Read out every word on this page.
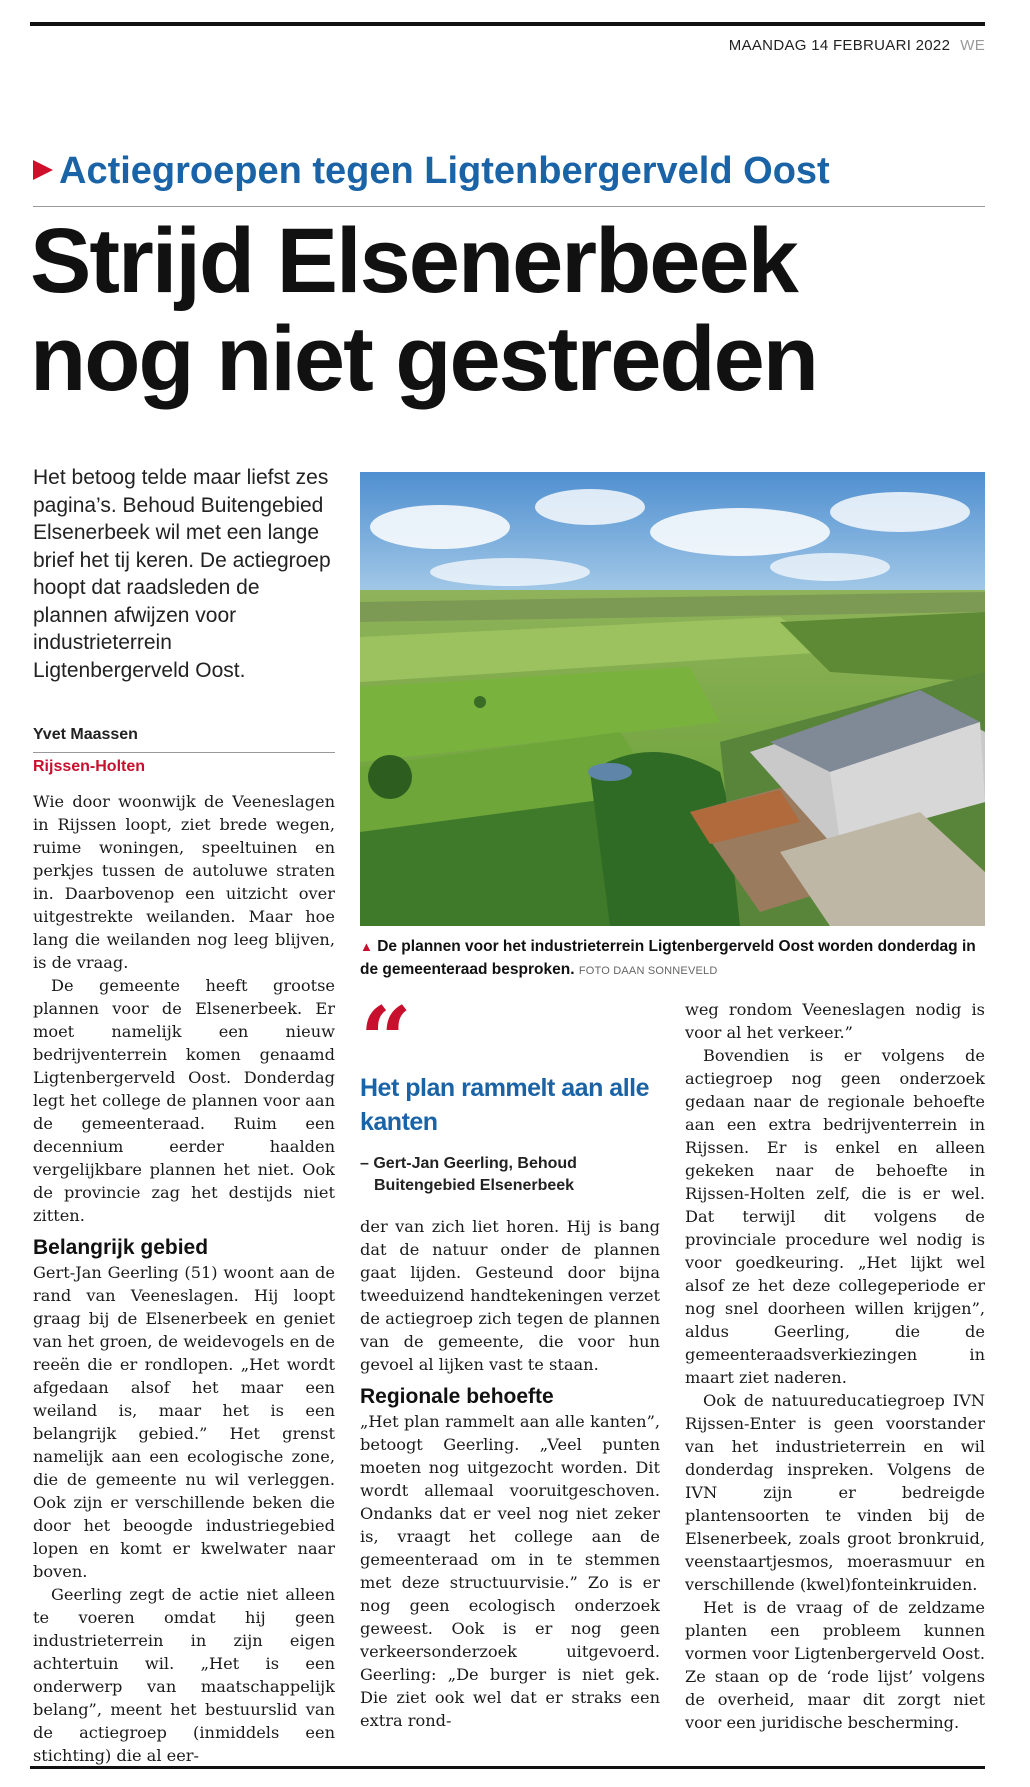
MAANDAG 14 FEBRUARI 2022 WE
Actiegroepen tegen Ligtenbergerveld Oost
Strijd Elsenerbeek
nog niet gestreden
Het betoog telde maar liefst zes pagina’s. Behoud Buitengebied Elsenerbeek wil met een lange brief het tij keren. De actiegroep hoopt dat raadsleden de plannen afwijzen voor industrieterrein Ligtenbergerveld Oost.
Yvet Maassen
Rijssen-Holten

Wie door woonwijk de Veeneslagen in Rijssen loopt, ziet brede wegen, ruime woningen, speeltuinen en perkjes tussen de autoluwe straten in. Daarbovenop een uitzicht over uitgestrekte weilanden. Maar hoe lang die weilanden nog leeg blijven, is de vraag.

De gemeente heeft grootse plannen voor de Elsenerbeek. Er moet namelijk een nieuw bedrijventerrein komen genaamd Ligtenbergerveld Oost. Donderdag legt het college de plannen voor aan de gemeenteraad. Ruim een decennium eerder haalden vergelijkbare plannen het niet. Ook de provincie zag het destijds niet zitten.

Belangrijk gebied

Gert-Jan Geerling (51) woont aan de rand van Veeneslagen. Hij loopt graag bij de Elsenerbeek en geniet van het groen, de weidevogels en de reeën die er rondlopen. „Het wordt afgedaan alsof het maar een weiland is, maar het is een belangrijk gebied.” Het grenst namelijk aan een ecologische zone, die de gemeente nu wil verleggen. Ook zijn er verschillende beken die door het beoogde industriegebied lopen en komt er kwelwater naar boven.

Geerling zegt de actie niet alleen te voeren omdat hij geen industrieterrein in zijn eigen achtertuin wil. „Het is een onderwerp van maatschappelijk belang”, meent het bestuurslid van de actiegroep (inmiddels een stichting) die al eer-

▲ De plannen voor het industrieterrein Ligtenbergerveld Oost worden donderdag in de gemeenteraad besproken. FOTO DAAN SONNEVELD
“
Het plan rammelt aan alle kanten
– Gert-Jan Geerling, Behoud
Buitengebied Elsenerbeek

der van zich liet horen. Hij is bang dat de natuur onder de plannen gaat lijden. Gesteund door bijna tweeduizend handtekeningen verzet de actiegroep zich tegen de plannen van de gemeente, die voor hun gevoel al lijken vast te staan.

Regionale behoefte

„Het plan rammelt aan alle kanten”, betoogt Geerling. „Veel punten moeten nog uitgezocht worden. Dit wordt allemaal vooruitgeschoven. Ondanks dat er veel nog niet zeker is, vraagt het college aan de gemeenteraad om in te stemmen met deze structuurvisie.” Zo is er nog geen ecologisch onderzoek geweest. Ook is er nog geen verkeersonderzoek uitgevoerd. Geerling: „De burger is niet gek. Die ziet ook wel dat er straks een extra rond-

weg rondom Veeneslagen nodig is voor al het verkeer.”

Bovendien is er volgens de actiegroep nog geen onderzoek gedaan naar de regionale behoefte aan een extra bedrijventerrein in Rijssen. Er is enkel en alleen gekeken naar de behoefte in Rijssen-Holten zelf, die is er wel. Dat terwijl dit volgens de provinciale procedure wel nodig is voor goedkeuring. „Het lijkt wel alsof ze het deze collegeperiode er nog snel doorheen willen krijgen”, aldus Geerling, die de gemeenteraadsverkiezingen in maart ziet naderen.

Ook de natuureducatiegroep IVN Rijssen-Enter is geen voorstander van het industrieterrein en wil donderdag inspreken. Volgens de IVN zijn er bedreigde plantensoorten te vinden bij de Elsenerbeek, zoals groot bronkruid, veenstaartjesmos, moerasmuur en verschillende (kwel)fonteinkruiden.

Het is de vraag of de zeldzame planten een probleem kunnen vormen voor Ligtenbergerveld Oost. Ze staan op de ‘rode lijst’ volgens de overheid, maar dit zorgt niet voor een juridische bescherming.
